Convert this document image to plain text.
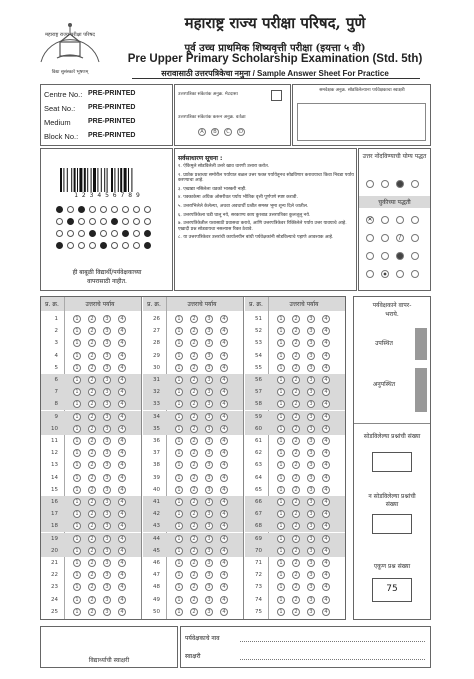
महाराष्ट्र राज्य परीक्षा परिषद
विद्या सुसंस्कारे भूषणम्
महाराष्ट्र राज्य परीक्षा परिषद, पुणे
पूर्व उच्च प्राथमिक शिष्यवृत्ती परीक्षा (इयत्ता ५ वी)
Pre Upper Primary Scholarship Examination (Std. 5th)
सरावासाठी उत्तरपत्रिकेचा नमुना / Sample Answer Sheet For Practice
Centre No.: PRE-PRINTED
Seat No.: PRE-PRINTED
Medium PRE-PRINTED
Block No.: PRE-PRINTED
उत्तरपत्रिका संकेतांक अनुक्र. मेटदासा
उत्तरपत्रिका संकेतांक करून अनुक्र. वर्तळा
A	B	C	D
समवेक्षक अनुक्र. सोडविलेल्याना पर्यवेक्षकाचा स्वाक्षरी
1 2 3 4 5 6 7 8 9
ही बाबूळी विद्यार्थी/पर्यवेक्षकाच्या
वापरासाठी नाहीत.
सर्वसाधारण सूचना :
१. ऐकिमुले सोडविलेली उत्तरे खाव धारणी उत्तारा करोत.
२. प्राप्नेक प्रश्नाच्या समोरील पर्यायात बळल उत्तर फक्त पर्यायेतूनच सोडविणार करावयाचा किवा निवडा पर्याय करण्याचा आहे.
३. एखाद्या नसिलेला धडको भास्करी नाही.
४. पक्काकेमा अधिक ओसरीवत पर्याय भौतिक वृत्ती पूर्णपणे स्पष्ट करावी.
५. उत्तराभिलेले केलेल्या, अथवा अवधार्थी प्रश्नीत समस्त भूमा शून्य दिले जातील.
६. उत्तरपत्रिकेला घडी घालू नये, सरकाण्य काय कुरबाड उत्तरपत्रिका कुलजूलू नये.
७. उत्तरपत्रिकेतील यशासाठी प्रवासचा करावे, आणि उत्तरपत्रिकेवर रिक्तिलेले पर्याय उत्तर यावयाचे आहे. एखादी प्रश्न सोडवायचा नसल्यास रिक्त ठेवावे.
८. या उत्तरपत्रिकेवर उत्तरांची कार्यालयीन बांधी पर्यवेक्षकांनी सोडविल्याचे पहाणे आवश्यक आहे.
उत्तर नोंदविण्याची योग्य पद्धत
चुकीच्या पद्धती
✕
/
प्र. क्र.	उत्तराचे पर्याय
1	1	2	3	4
2	1	2	3	4
3	1	2	3	4
4	1	2	3	4
5	1	2	3	4
6	1	2	3	4
7	1	2	3	4
8	1	2	3	4
9	1	2	3	4
10	1	2	3	4
11	1	2	3	4
12	1	2	3	4
13	1	2	3	4
14	1	2	3	4
15	1	2	3	4
16	1	2	3	4
17	1	2	3	4
18	1	2	3	4
19	1	2	3	4
20	1	2	3	4
21	1	2	3	4
22	1	2	3	4
23	1	2	3	4
24	1	2	3	4
25	1	2	3	4
प्र. क्र.	उत्तराचे पर्याय
26	1	2	3	4
27	1	2	3	4
28	1	2	3	4
29	1	2	3	4
30	1	2	3	4
31	1	2	3	4
32	1	2	3	4
33	1	2	3	4
34	1	2	3	4
35	1	2	3	4
36	1	2	3	4
37	1	2	3	4
38	1	2	3	4
39	1	2	3	4
40	1	2	3	4
41	1	2	3	4
42	1	2	3	4
43	1	2	3	4
44	1	2	3	4
45	1	2	3	4
46	1	2	3	4
47	1	2	3	4
48	1	2	3	4
49	1	2	3	4
50	1	2	3	4
प्र. क्र.	उत्तराचे पर्याय
51	1	2	3	4
52	1	2	3	4
53	1	2	3	4
54	1	2	3	4
55	1	2	3	4
56	1	2	3	4
57	1	2	3	4
58	1	2	3	4
59	1	2	3	4
60	1	2	3	4
61	1	2	3	4
62	1	2	3	4
63	1	2	3	4
64	1	2	3	4
65	1	2	3	4
66	1	2	3	4
67	1	2	3	4
68	1	2	3	4
69	1	2	3	4
70	1	2	3	4
71	1	2	3	4
72	1	2	3	4
73	1	2	3	4
74	1	2	3	4
75	1	2	3	4
पर्यवेक्षकाने वापर-
भराये.
उपस्थित
अनुपस्थित
सोडविलेल्या प्रश्नांची संख्या
न सोडविलेल्या प्रश्नांची संख्या
एकूण प्रश्न संख्या
75
विद्यार्थ्याची स्वाक्षरी
पर्यवेक्षकाचे नाव
स्वाक्षरी
